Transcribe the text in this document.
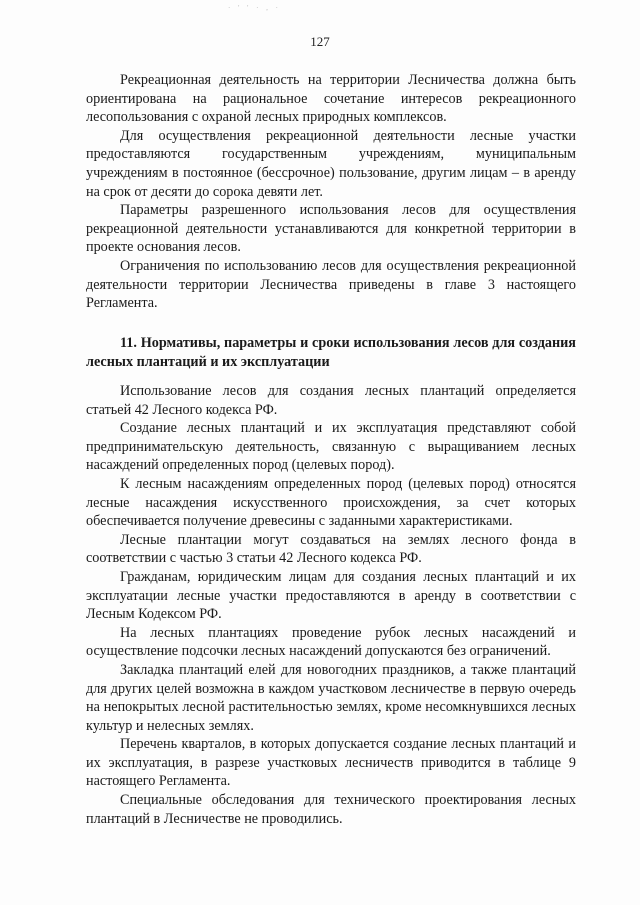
· ' ' · , ·
127

Рекреационная деятельность на территории Лесничества должна быть ориентирована на рациональное сочетание интересов рекреационного лесопользования с охраной лесных природных комплексов.

Для осуществления рекреационной деятельности лесные участки предоставляются государственным учреждениям, муниципальным учреждениям в постоянное (бессрочное) пользование, другим лицам – в аренду на срок от десяти до сорока девяти лет.

Параметры разрешенного использования лесов для осуществления рекреационной деятельности устанавливаются для конкретной территории в проекте основания лесов.

Ограничения по использованию лесов для осуществления рекреационной деятельности территории Лесничества приведены в главе 3 настоящего Регламента.

11. Нормативы, параметры и сроки использования лесов для создания лесных плантаций и их эксплуатации

Использование лесов для создания лесных плантаций определяется статьей 42 Лесного кодекса РФ.

Создание лесных плантаций и их эксплуатация представляют собой предпринимательскую деятельность, связанную с выращиванием лесных насаждений определенных пород (целевых пород).

К лесным насаждениям определенных пород (целевых пород) относятся лесные насаждения искусственного происхождения, за счет которых обеспечивается получение древесины с заданными характеристиками.

Лесные плантации могут создаваться на землях лесного фонда в соответствии с частью 3 статьи 42 Лесного кодекса РФ.

Гражданам, юридическим лицам для создания лесных плантаций и их эксплуатации лесные участки предоставляются в аренду в соответствии с Лесным Кодексом РФ.

На лесных плантациях проведение рубок лесных насаждений и осуществление подсочки лесных насаждений допускаются без ограничений.

Закладка плантаций елей для новогодних праздников, а также плантаций для других целей возможна в каждом участковом лесничестве в первую очередь на непокрытых лесной растительностью землях, кроме несомкнувшихся лесных культур и нелесных землях.

Перечень кварталов, в которых допускается создание лесных плантаций и их эксплуатация, в разрезе участковых лесничеств приводится в таблице 9 настоящего Регламента.

Специальные обследования для технического проектирования лесных плантаций в Лесничестве не проводились.
